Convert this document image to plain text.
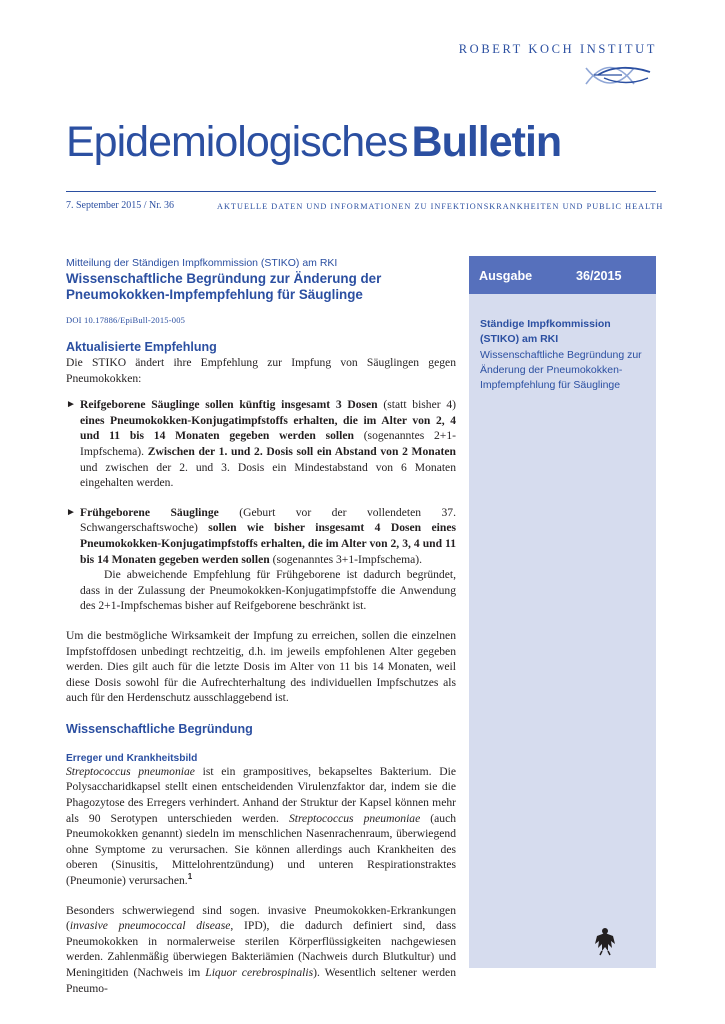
ROBERT KOCH INSTITUT
EpidemiologischesBulletin
7. September 2015 / Nr. 36	AKTUELLE DATEN UND INFORMATIONEN ZU INFEKTIONSKRANKHEITEN UND PUBLIC HEALTH
Mitteilung der Ständigen Impfkommission (STIKO) am RKI
Wissenschaftliche Begründung zur Änderung der Pneumokokken-Impfempfehlung für Säuglinge
DOI 10.17886/EpiBull-2015-005
Aktualisierte Empfehlung

Die STIKO ändert ihre Empfehlung zur Impfung von Säuglingen gegen Pneumokokken:

► Reifgeborene Säuglinge sollen künftig insgesamt 3 Dosen (statt bisher 4) eines Pneumokokken-Konjugatimpfstoffs erhalten, die im Alter von 2, 4 und 11 bis 14 Monaten gegeben werden sollen (sogenanntes 2+1-Impfschema). Zwischen der 1. und 2. Dosis soll ein Abstand von 2 Monaten und zwischen der 2. und 3. Dosis ein Mindestabstand von 6 Monaten eingehalten werden.

► Frühgeborene Säuglinge (Geburt vor der vollendeten 37. Schwangerschaftswoche) sollen wie bisher insgesamt 4 Dosen eines Pneumokokken-Konjugatimpfstoffs erhalten, die im Alter von 2, 3, 4 und 11 bis 14 Monaten gegeben werden sollen (sogenanntes 3+1-Impfschema).

Die abweichende Empfehlung für Frühgeborene ist dadurch begründet, dass in der Zulassung der Pneumokokken-Konjugatimpfstoffe die Anwendung des 2+1-Impfschemas bisher auf Reifgeborene beschränkt ist.

Um die bestmögliche Wirksamkeit der Impfung zu erreichen, sollen die einzelnen Impfstoffdosen unbedingt rechtzeitig, d.h. im jeweils empfohlenen Alter gegeben werden. Dies gilt auch für die letzte Dosis im Alter von 11 bis 14 Monaten, weil diese Dosis sowohl für die Aufrechterhaltung des individuellen Impfschutzes als auch für den Herdenschutz ausschlaggebend ist.

Wissenschaftliche Begründung
Erreger und Krankheitsbild

Streptococcus pneumoniae ist ein grampositives, bekapseltes Bakterium. Die Polysaccharidkapsel stellt einen entscheidenden Virulenzfaktor dar, indem sie die Phagozytose des Erregers verhindert. Anhand der Struktur der Kapsel können mehr als 90 Serotypen unterschieden werden. Streptococcus pneumoniae (auch Pneumokokken genannt) siedeln im menschlichen Nasenrachenraum, überwiegend ohne Symptome zu verursachen. Sie können allerdings auch Krankheiten des oberen (Sinusitis, Mittelohrentzündung) und unteren Respirationstraktes (Pneumonie) verursachen.$^1$

Besonders schwerwiegend sind sogen. invasive Pneumokokken-Erkrankungen (invasive pneumococcal disease, IPD), die dadurch definiert sind, dass Pneumokokken in normalerweise sterilen Körperflüssigkeiten nachgewiesen werden. Zahlenmäßig überwiegen Bakteriämien (Nachweis durch Blutkultur) und Meningitiden (Nachweis im Liquor cerebrospinalis). Wesentlich seltener werden Pneumo-

Ausgabe	36/2015
Ständige Impfkommission (STIKO) am RKI
Wissenschaftliche Begründung zur Änderung der Pneumokokken-Impfempfehlung für Säuglinge
